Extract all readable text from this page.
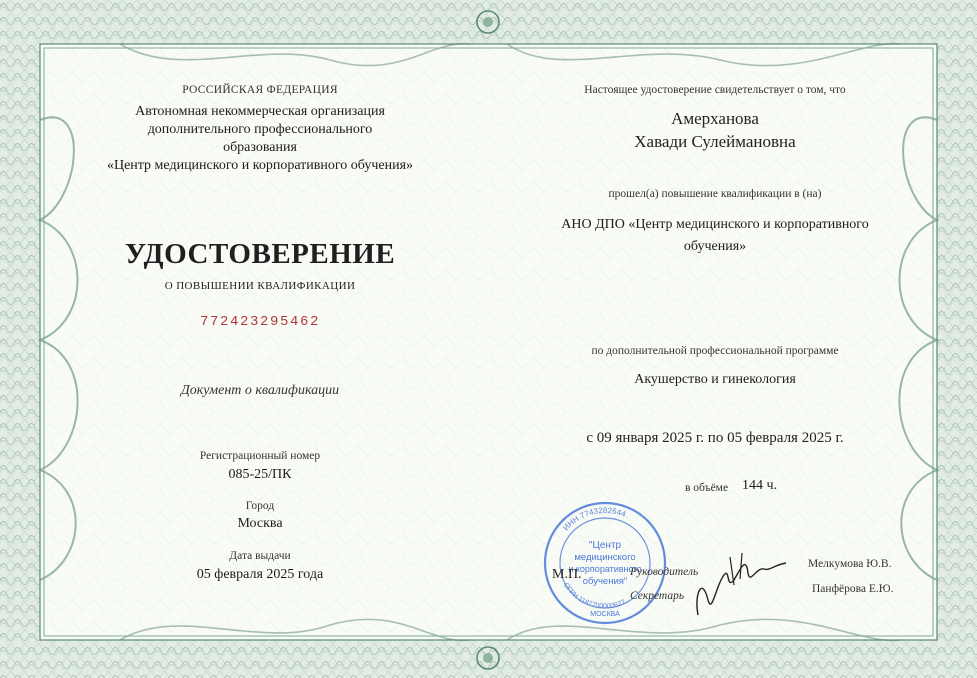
РОССИЙСКАЯ ФЕДЕРАЦИЯ
Автономная некоммерческая организация
дополнительного профессионального
образования
«Центр медицинского и корпоративного обучения»
УДОСТОВЕРЕНИЕ
О ПОВЫШЕНИИ КВАЛИФИКАЦИИ
772423295462
Документ о квалификации
Регистрационный номер
085-25/ПК
Город
Москва
Дата выдачи
05 февраля 2025 года
Настоящее удостоверение свидетельствует о том, что
Амерханова
Хавади Сулеймановна
прошел(а) повышение квалификации в (на)
АНО ДПО «Центр медицинского и корпоративного
обучения»
по дополнительной профессиональной программе
Акушерство и гинекология
с 09 января 2025 г. по 05 февраля 2025 г.
в объёме 144 ч.
ИНН 7743282644
ОГРН 1187700000627
"Центр
медицинского
и корпоративного
обучения"
МОСКВА
М.П.	Руководитель
Секретарь
Мелкумова Ю.В.
Панфёрова Е.Ю.
